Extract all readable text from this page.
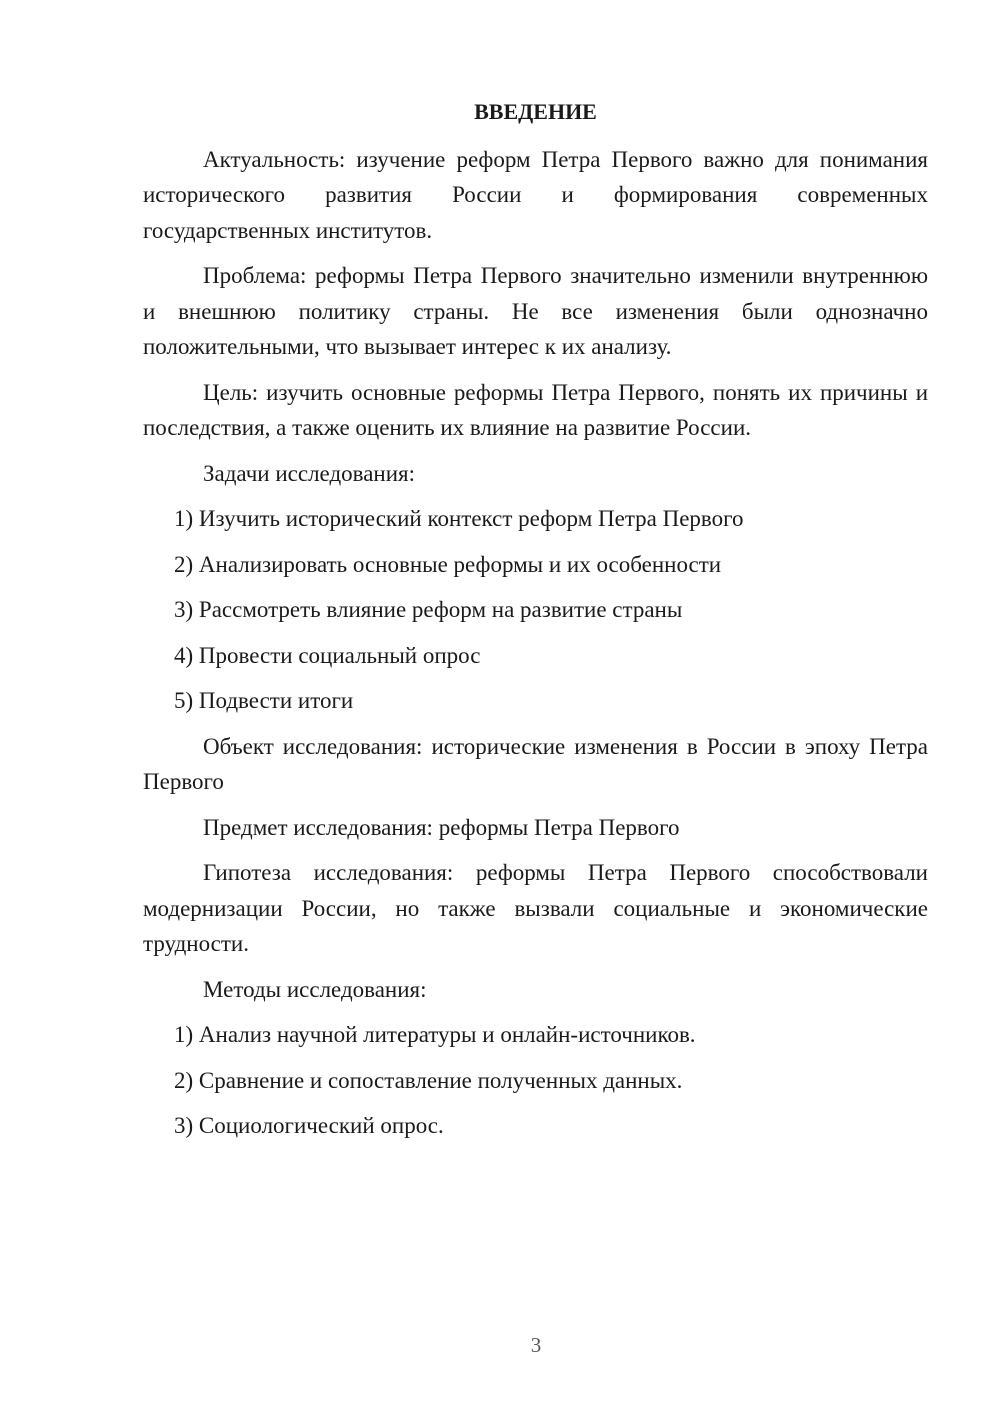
ВВЕДЕНИЕ

Актуальность: изучение реформ Петра Первого важно для понимания исторического развития России и формирования современных государственных институтов.

Проблема: реформы Петра Первого значительно изменили внутреннюю и внешнюю политику страны. Не все изменения были однозначно положительными, что вызывает интерес к их анализу.

Цель: изучить основные реформы Петра Первого, понять их причины и последствия, а также оценить их влияние на развитие России.

Задачи исследования:

1) Изучить исторический контекст реформ Петра Первого
2) Анализировать основные реформы и их особенности
3) Рассмотреть влияние реформ на развитие страны
4) Провести социальный опрос
5) Подвести итоги

Объект исследования: исторические изменения в России в эпоху Петра Первого

Предмет исследования: реформы Петра Первого

Гипотеза исследования: реформы Петра Первого способствовали модернизации России, но также вызвали социальные и экономические трудности.

Методы исследования:

1) Анализ научной литературы и онлайн-источников.
2) Сравнение и сопоставление полученных данных.
3) Социологический опрос.
3
